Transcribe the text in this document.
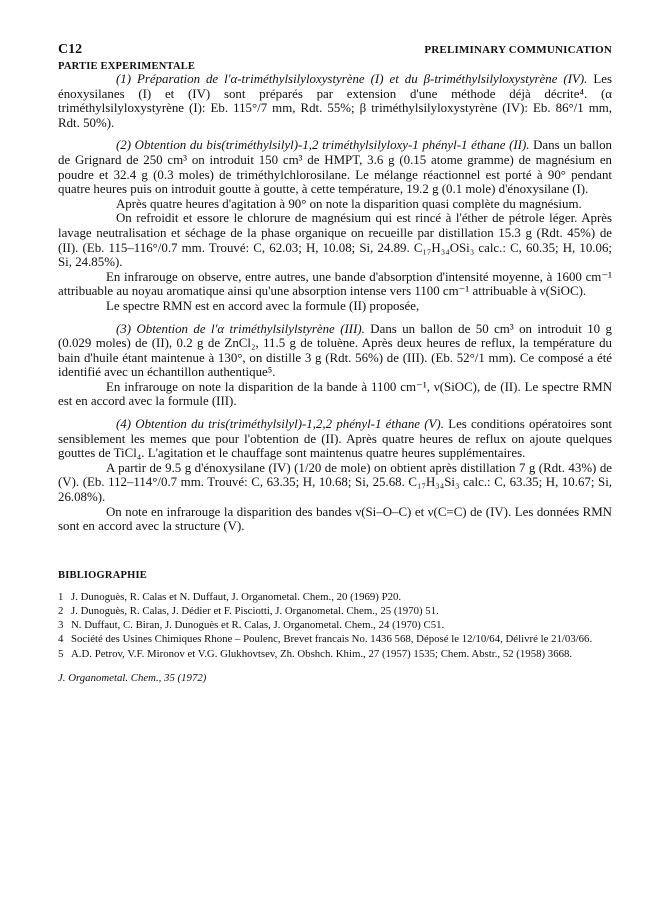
C12	PRELIMINARY COMMUNICATION
PARTIE EXPERIMENTALE

(1) Préparation de l'α-triméthylsilyloxystyrène (I) et du β-triméthylsilyloxystyrène (IV). Les énoxysilanes (I) et (IV) sont préparés par extension d'une méthode déjà décrite⁴. (α triméthylsilyloxystyrène (I): Eb. 115°/7 mm, Rdt. 55%; β triméthylsilyloxystyrène (IV): Eb. 86°/1 mm, Rdt. 50%).

(2) Obtention du bis(triméthylsilyl)-1,2 triméthylsilyloxy-1 phényl-1 éthane (II). Dans un ballon de Grignard de 250 cm³ on introduit 150 cm³ de HMPT, 3.6 g (0.15 atome gramme) de magnésium en poudre et 32.4 g (0.3 moles) de triméthylchlorosilane. Le mélange réactionnel est porté à 90° pendant quatre heures puis on introduit goutte à goutte, à cette température, 19.2 g (0.1 mole) d'énoxysilane (I).

Après quatre heures d'agitation à 90° on note la disparition quasi complète du magnésium.

On refroidit et essore le chlorure de magnésium qui est rincé à l'éther de pétrole léger. Après lavage neutralisation et séchage de la phase organique on recueille par distillation 15.3 g (Rdt. 45%) de (II). (Eb. 115–116°/0.7 mm. Trouvé: C, 62.03; H, 10.08; Si, 24.89. C₁₇H₃₄OSi₃ calc.: C, 60.35; H, 10.06; Si, 24.85%).

En infrarouge on observe, entre autres, une bande d'absorption d'intensité moyenne, à 1600 cm⁻¹ attribuable au noyau aromatique ainsi qu'une absorption intense vers 1100 cm⁻¹ attribuable à ν(SiOC).

Le spectre RMN est en accord avec la formule (II) proposée,

(3) Obtention de l'α triméthylsilylstyrène (III). Dans un ballon de 50 cm³ on introduit 10 g (0.029 moles) de (II), 0.2 g de ZnCl₂, 11.5 g de toluène. Après deux heures de reflux, la température du bain d'huile étant maintenue à 130°, on distille 3 g (Rdt. 56%) de (III). (Eb. 52°/1 mm). Ce composé a été identifié avec un échantillon authentique⁵.

En infrarouge on note la disparition de la bande à 1100 cm⁻¹, ν(SiOC), de (II). Le spectre RMN est en accord avec la formule (III).

(4) Obtention du tris(triméthylsilyl)-1,2,2 phényl-1 éthane (V). Les conditions opératoires sont sensiblement les memes que pour l'obtention de (II). Après quatre heures de reflux on ajoute quelques gouttes de TiCl₄. L'agitation et le chauffage sont maintenus quatre heures supplémentaires.

A partir de 9.5 g d'énoxysilane (IV) (1/20 de mole) on obtient après distillation 7 g (Rdt. 43%) de (V). (Eb. 112–114°/0.7 mm. Trouvé: C, 63.35; H, 10.68; Si, 25.68. C₁₇H₃₄Si₃ calc.: C, 63.35; H, 10.67; Si, 26.08%).

On note en infrarouge la disparition des bandes ν(Si–O–C) et ν(C=C) de (IV). Les données RMN sont en accord avec la structure (V).

BIBLIOGRAPHIE
1 J. Dunoguès, R. Calas et N. Duffaut, J. Organometal. Chem., 20 (1969) P20.
2 J. Dunoguès, R. Calas, J. Dédier et F. Pisciotti, J. Organometal. Chem., 25 (1970) 51.
3 N. Duffaut, C. Biran, J. Dunoguès et R. Calas, J. Organometal. Chem., 24 (1970) C51.
4 Société des Usines Chimiques Rhone – Poulenc, Brevet francais No. 1436 568, Déposé le 12/10/64, Délivré le 21/03/66.
5 A.D. Petrov, V.F. Mironov et V.G. Glukhovtsev, Zh. Obshch. Khim., 27 (1957) 1535; Chem. Abstr., 52 (1958) 3668.
J. Organometal. Chem., 35 (1972)
